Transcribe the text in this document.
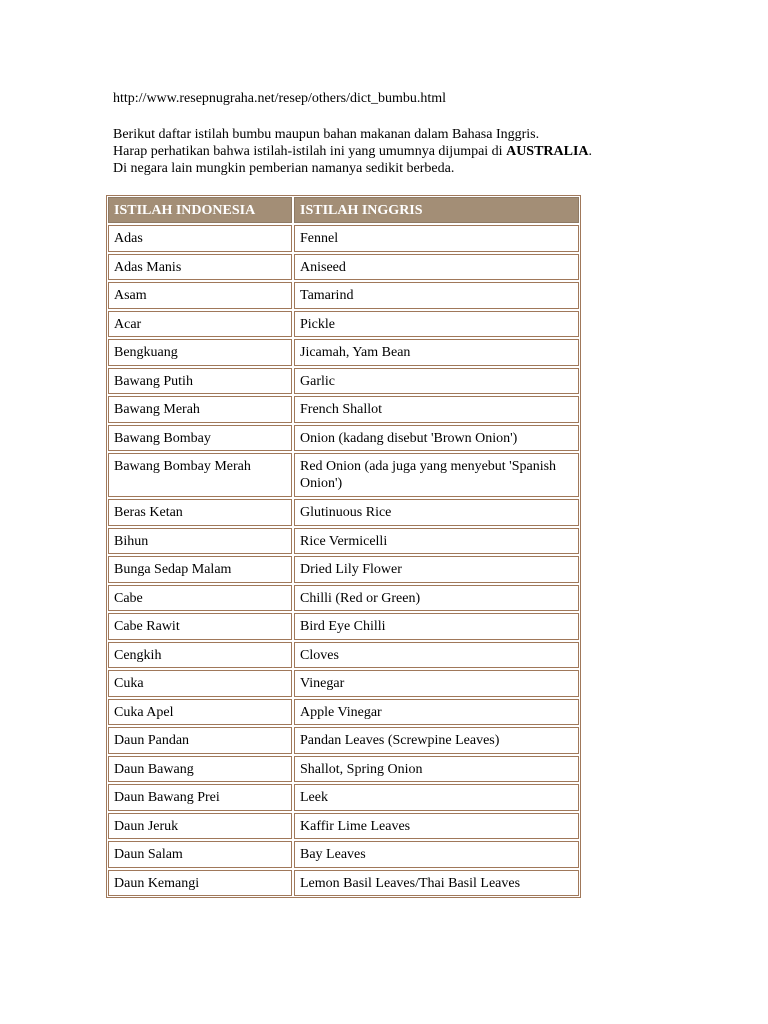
http://www.resepnugraha.net/resep/others/dict_bumbu.html
Berikut daftar istilah bumbu maupun bahan makanan dalam Bahasa Inggris.
Harap perhatikan bahwa istilah-istilah ini yang umumnya dijumpai di AUSTRALIA.
Di negara lain mungkin pemberian namanya sedikit berbeda.
ISTILAH INDONESIA	ISTILAH INGGRIS

Adas	Fennel

Adas Manis	Aniseed

Asam	Tamarind

Acar	Pickle

Bengkuang	Jicamah, Yam Bean

Bawang Putih	Garlic

Bawang Merah	French Shallot

Bawang Bombay	Onion (kadang disebut 'Brown Onion')

Bawang Bombay Merah	Red Onion (ada juga yang menyebut 'Spanish Onion')

Beras Ketan	Glutinuous Rice

Bihun	Rice Vermicelli

Bunga Sedap Malam	Dried Lily Flower

Cabe	Chilli (Red or Green)

Cabe Rawit	Bird Eye Chilli

Cengkih	Cloves

Cuka	Vinegar

Cuka Apel	Apple Vinegar

Daun Pandan	Pandan Leaves (Screwpine Leaves)

Daun Bawang	Shallot, Spring Onion

Daun Bawang Prei	Leek

Daun Jeruk	Kaffir Lime Leaves

Daun Salam	Bay Leaves

Daun Kemangi	Lemon Basil Leaves/Thai Basil Leaves
